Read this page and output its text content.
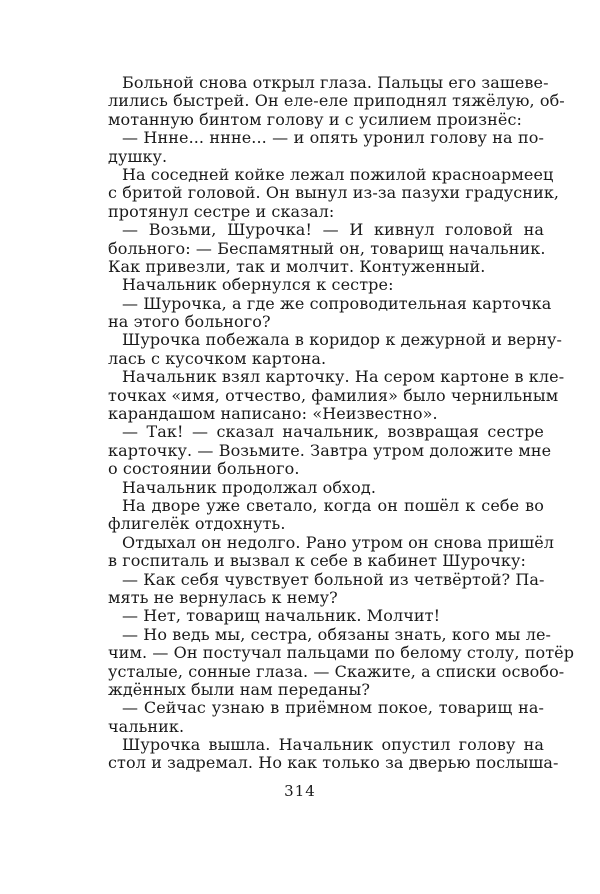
Больной снова открыл глаза. Пальцы его зашеве-
лились быстрей. Он еле-еле приподнял тяжёлую, об-
мотанную бинтом голову и с усилием произнёс:
— Ннне... ннне... — и опять уронил голову на по-
душку.
На соседней койке лежал пожилой красноармеец
с бритой головой. Он вынул из-за пазухи градусник,
протянул сестре и сказал:
— Возьми, Шурочка! — И кивнул головой на
больного: — Беспамятный он, товарищ начальник.
Как привезли, так и молчит. Контуженный.
Начальник обернулся к сестре:
— Шурочка, а где же сопроводительная карточка
на этого больного?
Шурочка побежала в коридор к дежурной и верну-
лась с кусочком картона.
Начальник взял карточку. На сером картоне в кле-
точках «имя, отчество, фамилия» было чернильным
карандашом написано: «Неизвестно».
— Так! — сказал начальник, возвращая сестре
карточку. — Возьмите. Завтра утром доложите мне
о состоянии больного.
Начальник продолжал обход.
На дворе уже светало, когда он пошёл к себе во
флигелёк отдохнуть.
Отдыхал он недолго. Рано утром он снова пришёл
в госпиталь и вызвал к себе в кабинет Шурочку:
— Как себя чувствует больной из четвёртой? Па-
мять не вернулась к нему?
— Нет, товарищ начальник. Молчит!
— Но ведь мы, сестра, обязаны знать, кого мы ле-
чим. — Он постучал пальцами по белому столу, потёр
усталые, сонные глаза. — Скажите, а списки освобо-
ждённых были нам переданы?
— Сейчас узнаю в приёмном покое, товарищ на-
чальник.
Шурочка вышла. Начальник опустил голову на
стол и задремал. Но как только за дверью послыша-
314
